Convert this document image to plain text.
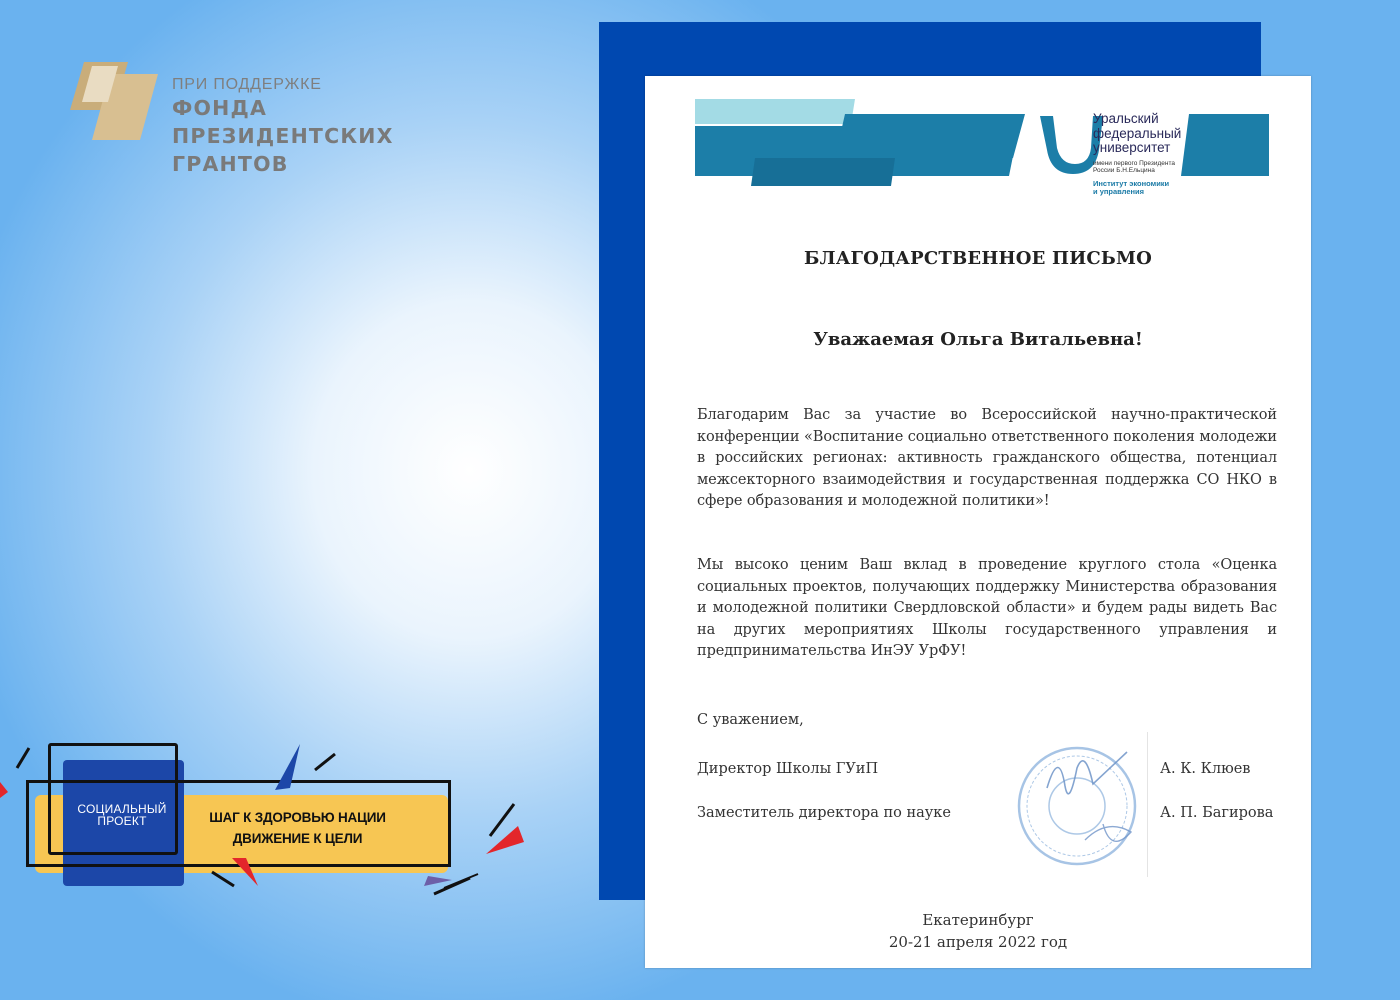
ПРИ ПОДДЕРЖКЕ
ФОНДА
ПРЕЗИДЕНТСКИХ
ГРАНТОВ
СОЦИАЛЬНЫЙ
ПРОЕКТ	ШАГ К ЗДОРОВЬЮ НАЦИИ
ДВИЖЕНИЕ К ЦЕЛИ
Уральский
федеральный
университет
имени первого Президента
России Б.Н.Ельцина
Институт экономики
и управления
БЛАГОДАРСТВЕННОЕ ПИСЬМО
Уважаемая Ольга Витальевна!
Благодарим Вас за участие во Всероссийской научно-практической конференции «Воспитание социально ответственного поколения молодежи в российских регионах: активность гражданского общества, потенциал межсекторного взаимодействия и государственная поддержка СО НКО в сфере образования и молодежной политики»!
Мы высоко ценим Ваш вклад в проведение круглого стола «Оценка социальных проектов, получающих поддержку Министерства образования и молодежной политики Свердловской области» и будем рады видеть Вас на других мероприятиях Школы государственного управления и предпринимательства ИнЭУ УрФУ!
С уважением,
Директор Школы ГУиП	А. К. Клюев
Заместитель директора по науке	А. П. Багирова
Екатеринбург
20-21 апреля 2022 год
